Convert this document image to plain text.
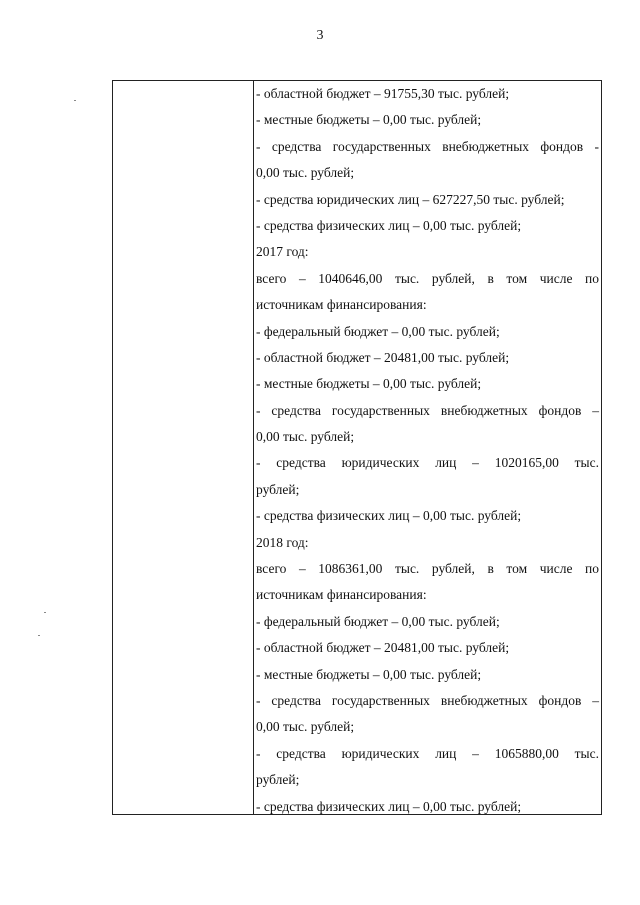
3
- областной бюджет – 91755,30 тыс. рублей;
- местные бюджеты – 0,00 тыс. рублей;
- средства государственных внебюджетных фондов -
0,00 тыс. рублей;
- средства юридических лиц – 627227,50 тыс. рублей;
- средства физических лиц – 0,00 тыс. рублей;
2017 год:
всего – 1040646,00 тыс. рублей, в том числе по
источникам финансирования:
- федеральный бюджет – 0,00 тыс. рублей;
- областной бюджет – 20481,00 тыс. рублей;
- местные бюджеты – 0,00 тыс. рублей;
- средства государственных внебюджетных фондов –
0,00 тыс. рублей;
- средства юридических лиц – 1020165,00 тыс.
рублей;
- средства физических лиц – 0,00 тыс. рублей;
2018 год:
всего – 1086361,00 тыс. рублей, в том числе по
источникам финансирования:
- федеральный бюджет – 0,00 тыс. рублей;
- областной бюджет – 20481,00 тыс. рублей;
- местные бюджеты – 0,00 тыс. рублей;
- средства государственных внебюджетных фондов –
0,00 тыс. рублей;
- средства юридических лиц – 1065880,00 тыс.
рублей;
- средства физических лиц – 0,00 тыс. рублей;
